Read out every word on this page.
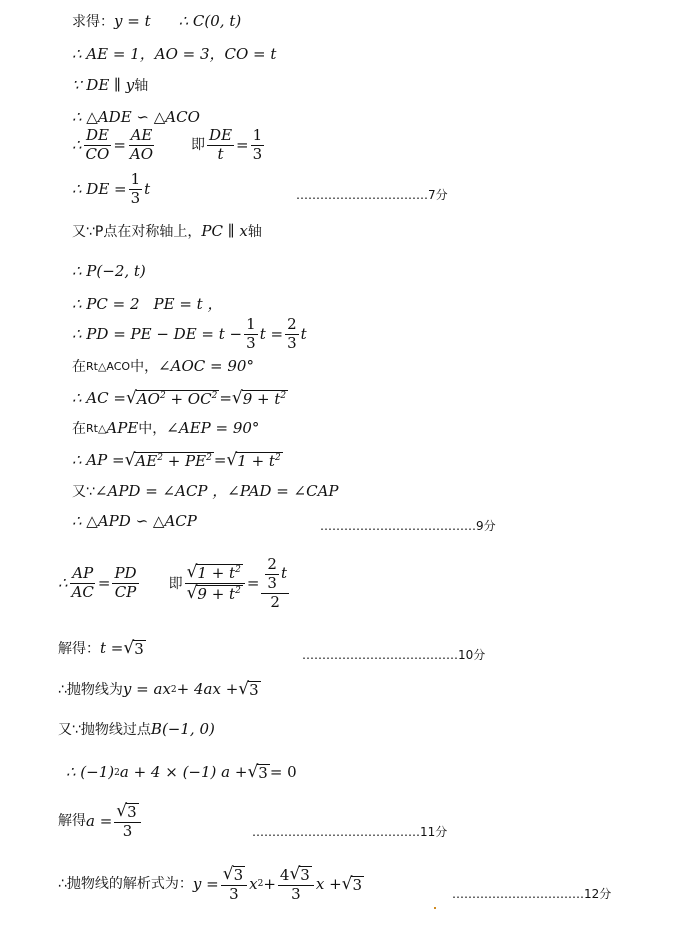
求得： y = t ∴ C(0, t)
∴ AE = 1，AO = 3，CO = t
∵ DE ∥ y 轴
∴ △ADE ∽ △ACO
∴ $\frac{DE}{CO} = \frac{AE}{AO}$	即 $\frac{DE}{t} = \frac{1}{3}$
∴ DE = $\frac{1}{3}$ t	……………………………7分
又∵P点在对称轴上， PC ∥ x 轴
∴ P(−2, t)
∴ PC = 2 PE = t ，
∴ PD = PE − DE = $t - \frac{1}{3}$ $t = \frac{2}{3}$ t
在 Rt△ACO 中， ∠AOC = 90°
∴ AC = √ $AO^2 + OC^2$ = √ $9 + t^2$
在 Rt△ APE 中， ∠AEP = 90°
∴ AP = √ $AE^2 + PE^2$ = √ $1 + t^2$
又∵ ∠APD = ∠ACP ，∠PAD = ∠CAP
∴ △APD ∽ △ACP	…………………………………9分
∴ $\frac{AP}{AC} = \frac{PD}{CP}$ 即 $\frac{√ 1 + t^2}{√ 9 + t^2} = \frac{\frac{2}{3} t}{2}$
解得： t = √ 3	…………………………………10分
∴抛物线为 y = ax 2 + 4ax + √ 3
又∵抛物线过点 B(−1, 0)
∴ (−1) 2 a + 4 × (−1) a + √ 3 = 0
解得 $a = \frac{√ 3}{3}$	……………………………………11分
∴抛物线的解析式为： $y = \frac{√ 3}{3}$ x $2 + \frac{4 √ 3}{3}$ x + √ 3
……………………………12分
